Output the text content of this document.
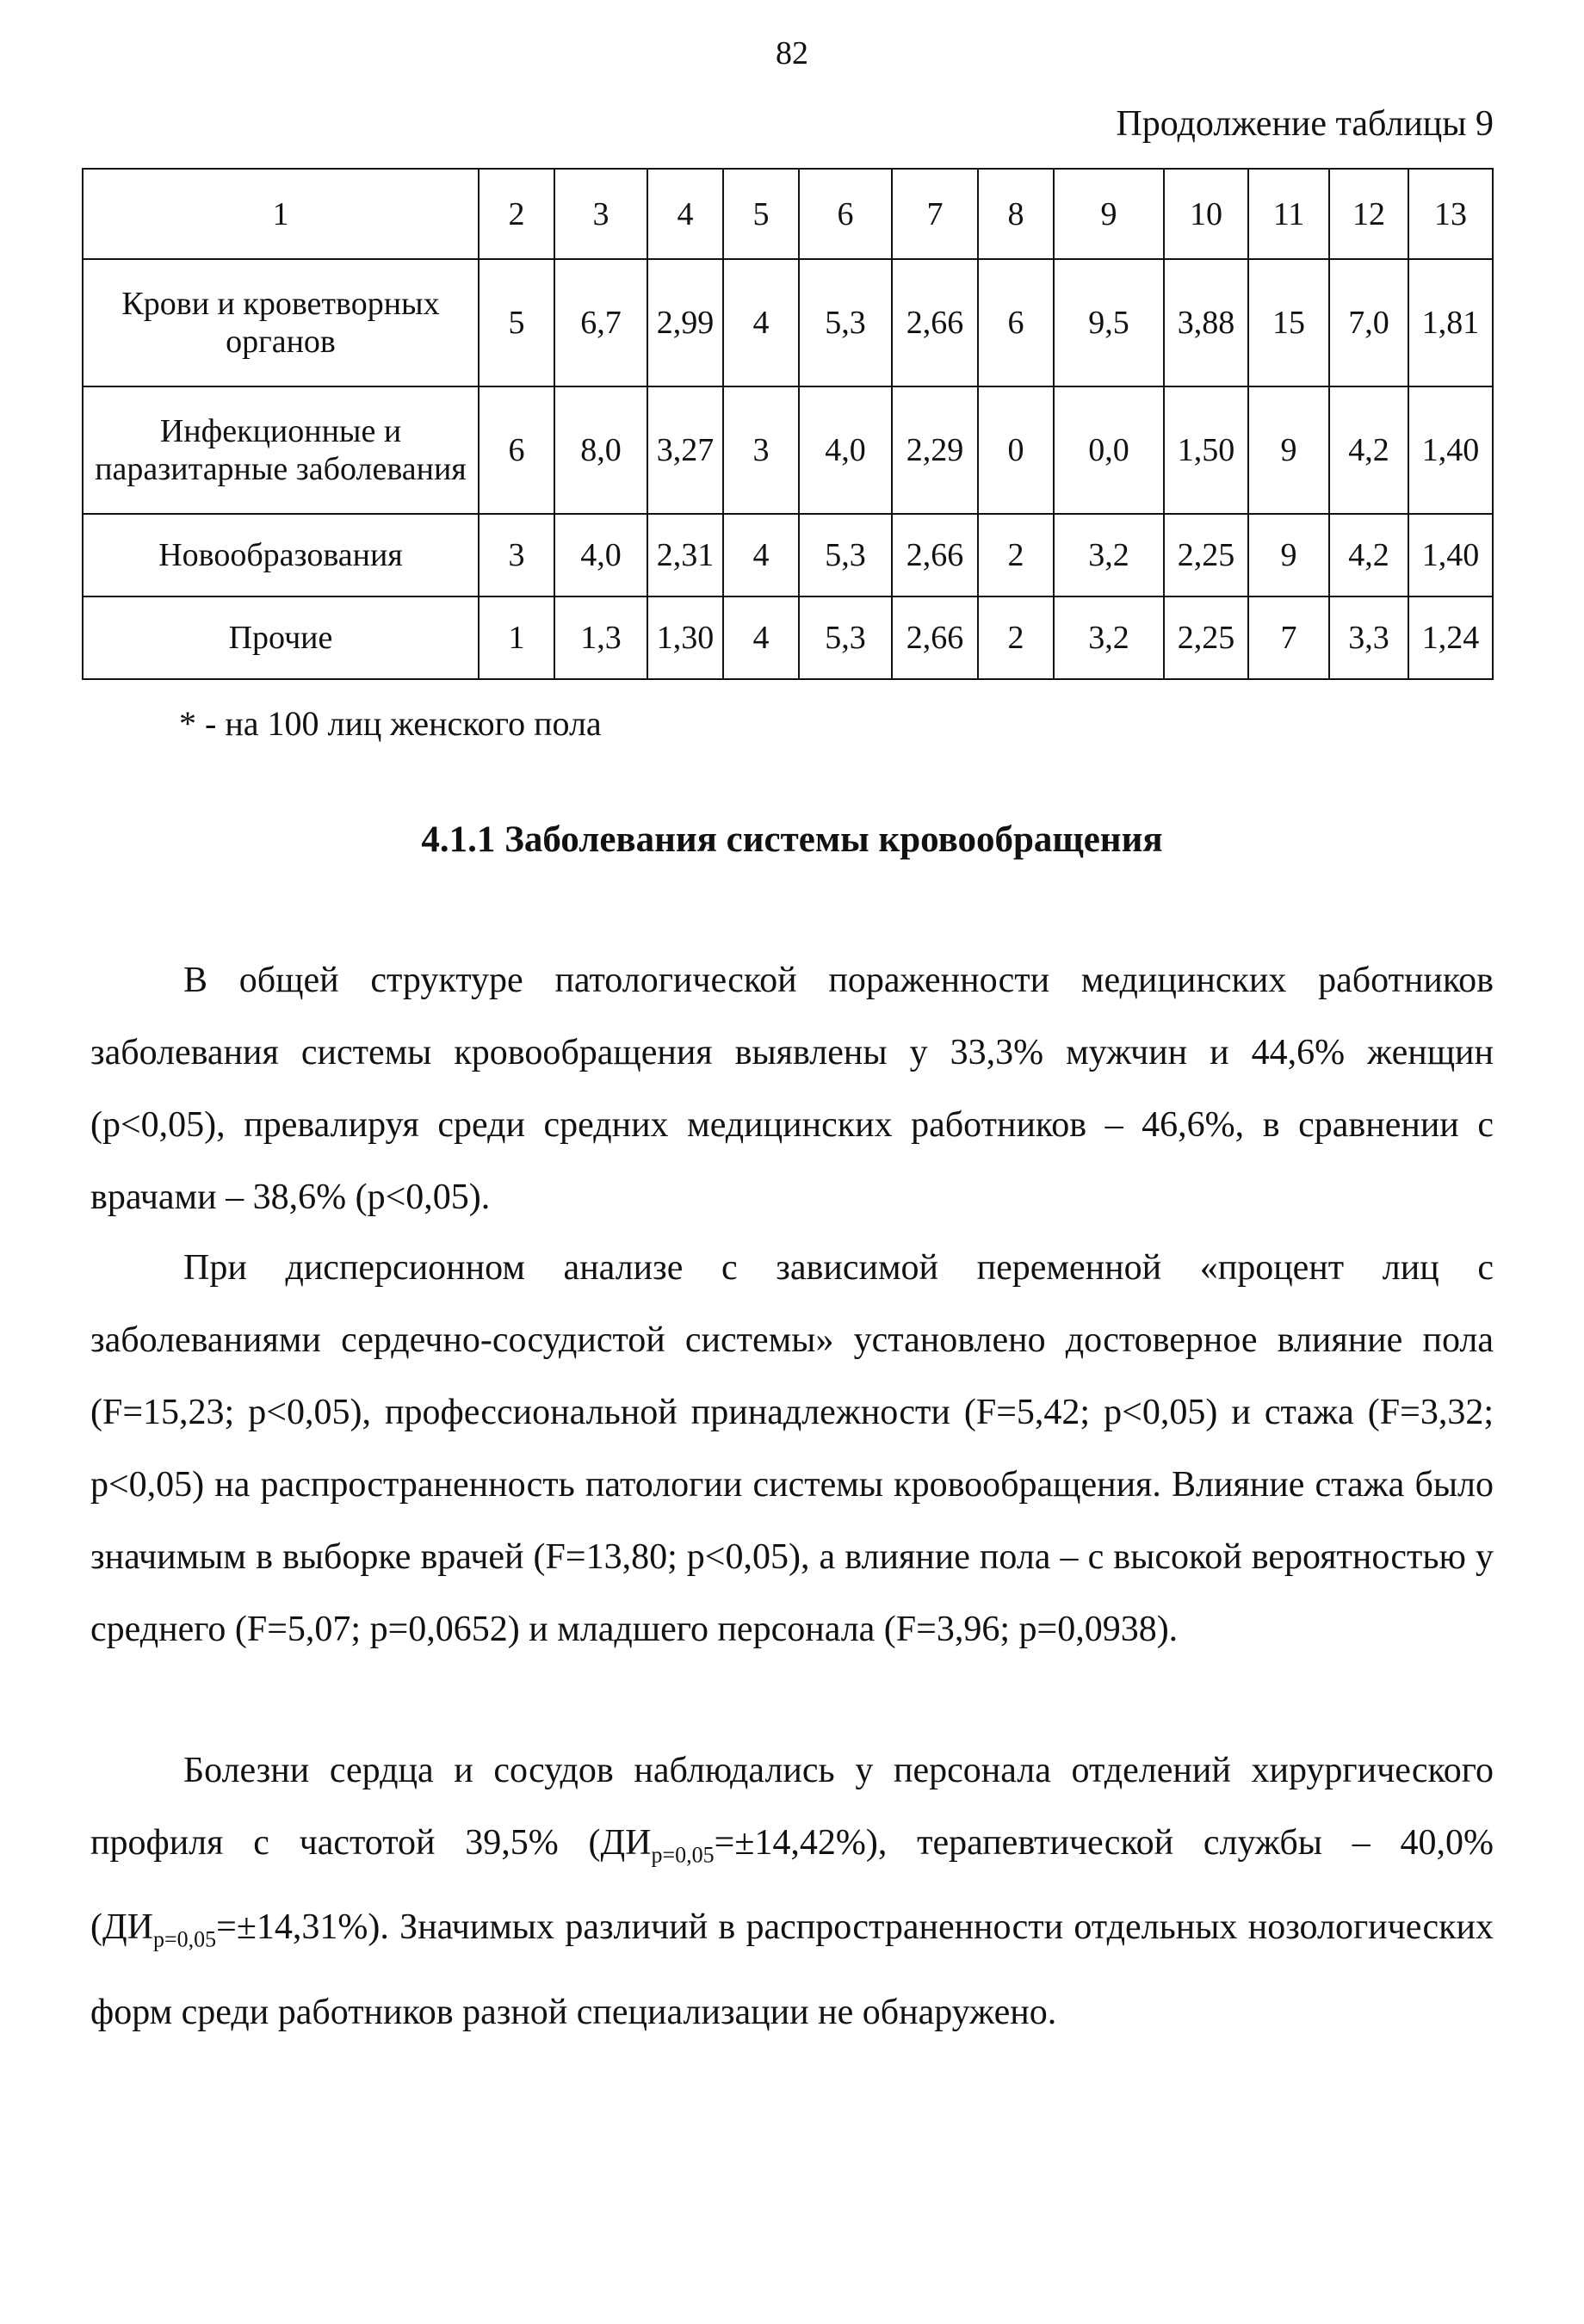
82
Продолжение таблицы 9
1	2	3	4	5	6	7	8	9	10	11	12	13
Крови и кроветворных органов	5	6,7	2,99	4	5,3	2,66	6	9,5	3,88	15	7,0	1,81
Инфекционные и паразитарные заболевания	6	8,0	3,27	3	4,0	2,29	0	0,0	1,50	9	4,2	1,40
Новообразования	3	4,0	2,31	4	5,3	2,66	2	3,2	2,25	9	4,2	1,40
Прочие	1	1,3	1,30	4	5,3	2,66	2	3,2	2,25	7	3,3	1,24
* - на 100 лиц женского пола
4.1.1 Заболевания системы кровообращения

В общей структуре патологической пораженности медицинских работников заболевания системы кровообращения выявлены у 33,3% мужчин и 44,6% женщин (p<0,05), превалируя среди средних медицинских работников – 46,6%, в сравнении с врачами – 38,6% (p<0,05).

При дисперсионном анализе с зависимой переменной «процент лиц с заболеваниями сердечно-сосудистой системы» установлено достоверное влияние пола (F=15,23; p<0,05), профессиональной принадлежности (F=5,42; p<0,05) и стажа (F=3,32; p<0,05) на распространенность патологии системы кровообращения. Влияние стажа было значимым в выборке врачей (F=13,80; p<0,05), а влияние пола – с высокой вероятностью у среднего (F=5,07; p=0,0652) и младшего персонала (F=3,96; p=0,0938).

Болезни сердца и сосудов наблюдались у персонала отделений хирургического профиля с частотой 39,5% $(ДИ_{p=0,05}=\pm 14,42\%)$, терапевтической службы – 40,0% $(ДИ_{p=0,05}=\pm 14,31\%)$. Значимых различий в распространенности отдельных нозологических форм среди работников разной специализации не обнаружено.
